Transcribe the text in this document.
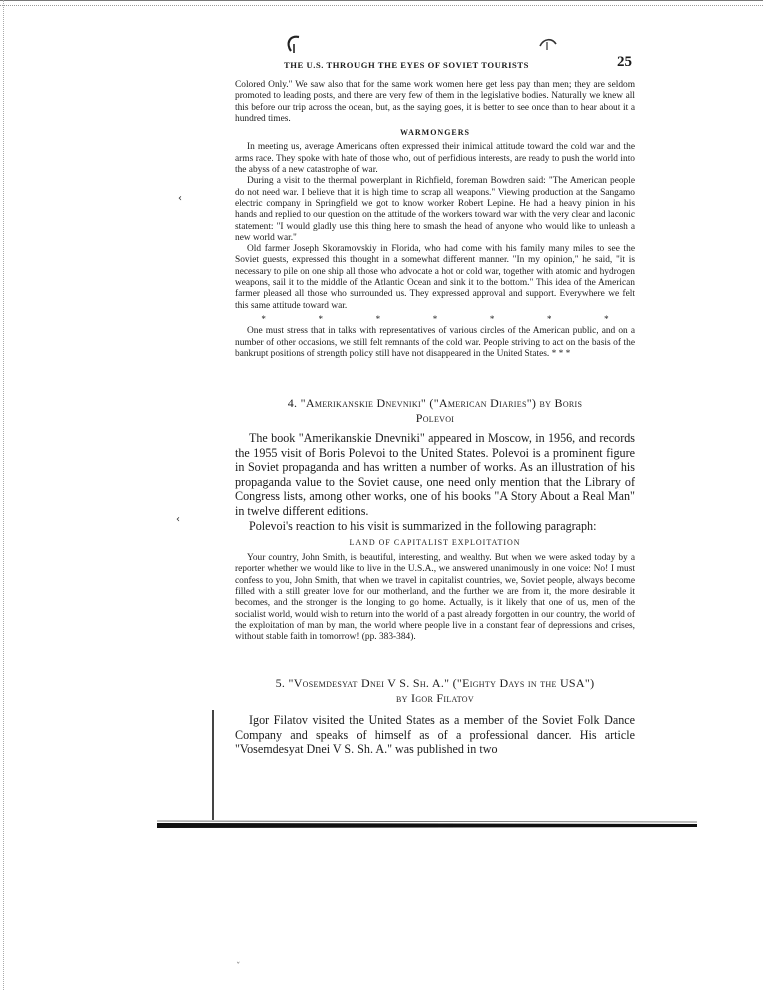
THE U.S. THROUGH THE EYES OF SOVIET TOURISTS	25

Colored Only." We saw also that for the same work women here get less pay than men; they are seldom promoted to leading posts, and there are very few of them in the legislative bodies. Naturally we knew all this before our trip across the ocean, but, as the saying goes, it is better to see once than to hear about it a hundred times.

WARMONGERS

In meeting us, average Americans often expressed their inimical attitude toward the cold war and the arms race. They spoke with hate of those who, out of perfidious interests, are ready to push the world into the abyss of a new catastrophe of war.

During a visit to the thermal powerplant in Richfield, foreman Bowdren said: "The American people do not need war. I believe that it is high time to scrap all weapons." Viewing production at the Sangamo electric company in Springfield we got to know worker Robert Lepine. He had a heavy pinion in his hands and replied to our question on the attitude of the workers toward war with the very clear and laconic statement: "I would gladly use this thing here to smash the head of anyone who would like to unleash a new world war."

Old farmer Joseph Skoramovskiy in Florida, who had come with his family many miles to see the Soviet guests, expressed this thought in a somewhat different manner. "In my opinion," he said, "it is necessary to pile on one ship all those who advocate a hot or cold war, together with atomic and hydrogen weapons, sail it to the middle of the Atlantic Ocean and sink it to the bottom." This idea of the American farmer pleased all those who surrounded us. They expressed approval and support. Everywhere we felt this same attitude toward war.

*	*	*	*	*	*	*

One must stress that in talks with representatives of various circles of the American public, and on a number of other occasions, we still felt remnants of the cold war. People striving to act on the basis of the bankrupt positions of strength policy still have not disappeared in the United States. * * *

4. "Amerikanskie Dnevniki" ("American Diaries") by Boris
Polevoi

The book "Amerikanskie Dnevniki" appeared in Moscow, in 1956, and records the 1955 visit of Boris Polevoi to the United States. Polevoi is a prominent figure in Soviet propaganda and has written a number of works. As an illustration of his propaganda value to the Soviet cause, one need only mention that the Library of Congress lists, among other works, one of his books "A Story About a Real Man" in twelve different editions.

Polevoi's reaction to his visit is summarized in the following paragraph:

LAND OF CAPITALIST EXPLOITATION

Your country, John Smith, is beautiful, interesting, and wealthy. But when we were asked today by a reporter whether we would like to live in the U.S.A., we answered unanimously in one voice: No! I must confess to you, John Smith, that when we travel in capitalist countries, we, Soviet people, always become filled with a still greater love for our motherland, and the further we are from it, the more desirable it becomes, and the stronger is the longing to go home. Actually, is it likely that one of us, men of the socialist world, would wish to return into the world of a past already forgotten in our country, the world of the exploitation of man by man, the world where people live in a constant fear of depressions and crises, without stable faith in tomorrow! (pp. 383-384).

5. "Vosemdesyat Dnei V S. Sh. A." ("Eighty Days in the USA")
by Igor Filatov

Igor Filatov visited the United States as a member of the Soviet Folk Dance Company and speaks of himself as of a professional dancer. His article "Vosemdesyat Dnei V S. Sh. A." was published in two

‹
‹
ˇ
